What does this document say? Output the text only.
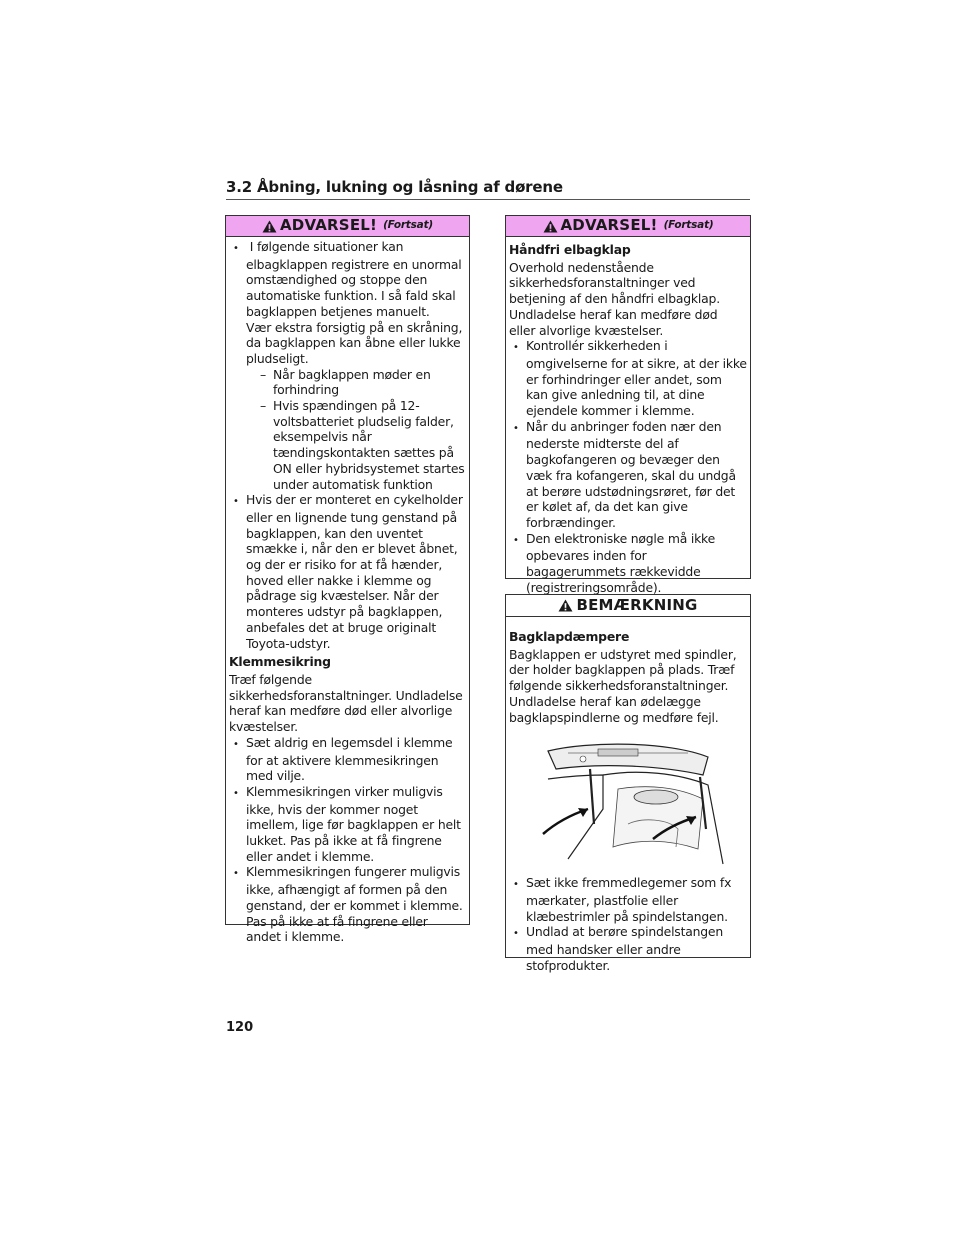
3.2 Åbning, lukning og låsning af dørene
ADVARSEL! (Fortsat)
• I følgende situationer kan elbagklappen registrere en unormal omstændighed og stoppe den automatiske funktion. I så fald skal bagklappen betjenes manuelt.
Vær ekstra forsigtig på en skråning, da bagklappen kan åbne eller lukke pludseligt.
– Når bagklappen møder en forhindring
– Hvis spændingen på 12-voltsbatteriet pludselig falder, eksempelvis når tændingskontakten sættes på ON eller hybridsystemet startes under automatisk funktion
• Hvis der er monteret en cykelholder eller en lignende tung genstand på bagklappen, kan den uventet smække i, når den er blevet åbnet, og der er risiko for at få hænder, hoved eller nakke i klemme og pådrage sig kvæstelser. Når der monteres udstyr på bagklappen, anbefales det at bruge originalt Toyota-udstyr.
Klemmesikring

Træf følgende sikkerhedsforanstaltninger. Undladelse heraf kan medføre død eller alvorlige kvæstelser.

• Sæt aldrig en legemsdel i klemme for at aktivere klemmesikringen med vilje.
• Klemmesikringen virker muligvis ikke, hvis der kommer noget imellem, lige før bagklappen er helt lukket. Pas på ikke at få fingrene eller andet i klemme.
• Klemmesikringen fungerer muligvis ikke, afhængigt af formen på den genstand, der er kommet i klemme. Pas på ikke at få fingrene eller andet i klemme.
ADVARSEL! (Fortsat)
Håndfri elbagklap

Overhold nedenstående sikkerhedsforanstaltninger ved betjening af den håndfri elbagklap. Undladelse heraf kan medføre død eller alvorlige kvæstelser.

• Kontrollér sikkerheden i omgivelserne for at sikre, at der ikke er forhindringer eller andet, som kan give anledning til, at dine ejendele kommer i klemme.
• Når du anbringer foden nær den nederste midterste del af bagkofangeren og bevæger den væk fra kofangeren, skal du undgå at berøre udstødningsrøret, før det er kølet af, da det kan give forbrændinger.
• Den elektroniske nøgle må ikke opbevares inden for bagagerummets rækkevidde (registreringsområde).
BEMÆRKNING
Bagklapdæmpere

Bagklappen er udstyret med spindler, der holder bagklappen på plads. Træf følgende sikkerhedsforanstaltninger. Undladelse heraf kan ødelægge bagklapspindlerne og medføre fejl.

• Sæt ikke fremmedlegemer som fx mærkater, plastfolie eller klæbestrimler på spindelstangen.
• Undlad at berøre spindelstangen med handsker eller andre stofprodukter.
120
